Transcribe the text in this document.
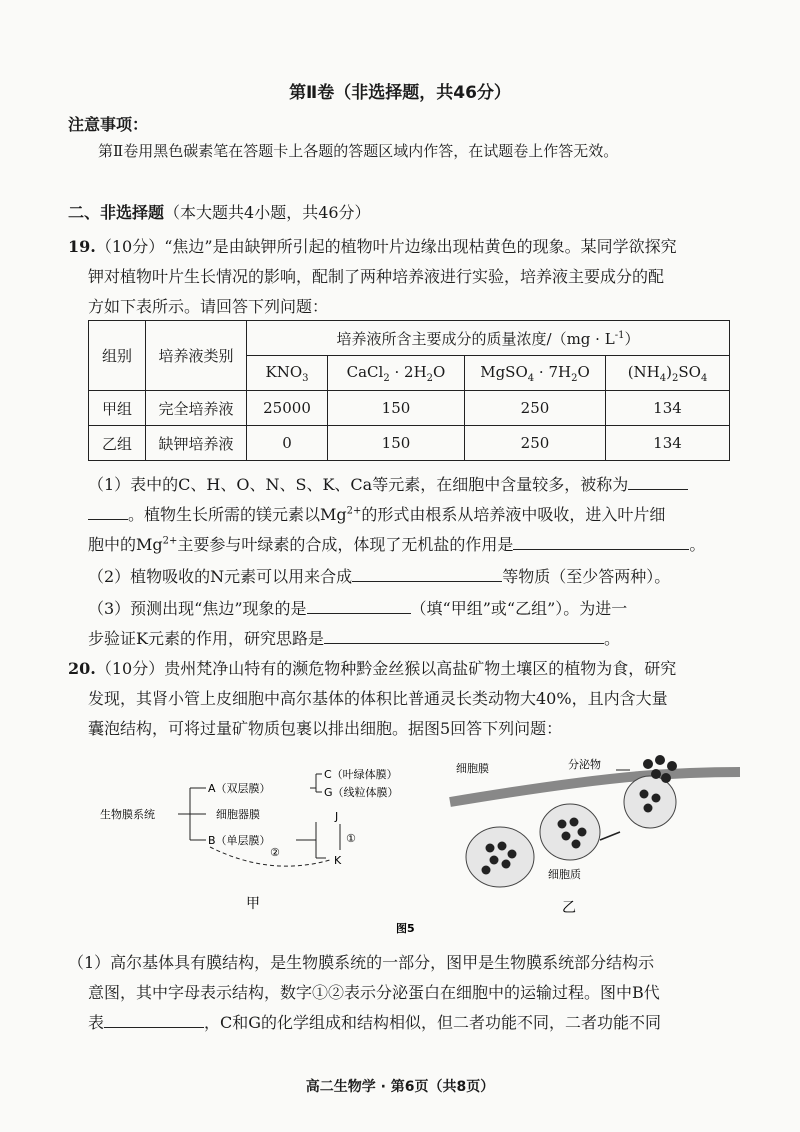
第Ⅱ卷（非选择题，共46分）
注意事项：
第Ⅱ卷用黑色碳素笔在答题卡上各题的答题区域内作答，在试题卷上作答无效。
二、非选择题（本大题共4小题，共46分）
19.（10分）“焦边”是由缺钾所引起的植物叶片边缘出现枯黄色的现象。某同学欲探究
钾对植物叶片生长情况的影响，配制了两种培养液进行实验，培养液主要成分的配
方如下表所示。请回答下列问题：
组别	培养液类别	培养液所含主要成分的质量浓度$/(mg \cdot L^{-1})$			
		$KNO_3$	CaCl$_2$ · $2H_2O$	MgSO$_4$ · $7H_2O$	$(NH_4)_2SO_4$
甲组	完全培养液	25000	150	250	134
乙组	缺钾培养液	0	150	250	134
（1）表中的C、H、O、N、S、K、Ca等元素，在细胞中含量较多，被称为
。植物生长所需的镁元素以$Mg^{2+}$的形式由根系从培养液中吸收，进入叶片细
胞中的$Mg^{2+}$主要参与叶绿素的合成，体现了无机盐的作用是	。
（2）植物吸收的N元素可以用来合成	等物质（至少答两种）。
（3）预测出现“焦边”现象的是	（填“甲组”或“乙组”）。为进一
步验证K元素的作用，研究思路是	。
20.（10分）贵州梵净山特有的濒危物种黔金丝猴以高盐矿物土壤区的植物为食，研究
发现，其肾小管上皮细胞中高尔基体的体积比普通灵长类动物大40%，且内含大量
囊泡结构，可将过量矿物质包裹以排出细胞。据图5回答下列问题：
生物膜系统
A（双层膜）
细胞器膜
B（单层膜）
C（叶绿体膜）
G（线粒体膜）
J
K
①
②
甲
细胞膜	分泌物
细胞质
乙
图5
（1）高尔基体具有膜结构，是生物膜系统的一部分，图甲是生物膜系统部分结构示
意图，其中字母表示结构，数字①②表示分泌蛋白在细胞中的运输过程。图中B代
表	，C和G的化学组成和结构相似，但二者功能不同，二者功能不同
高二生物学 · 第6页（共8页）
